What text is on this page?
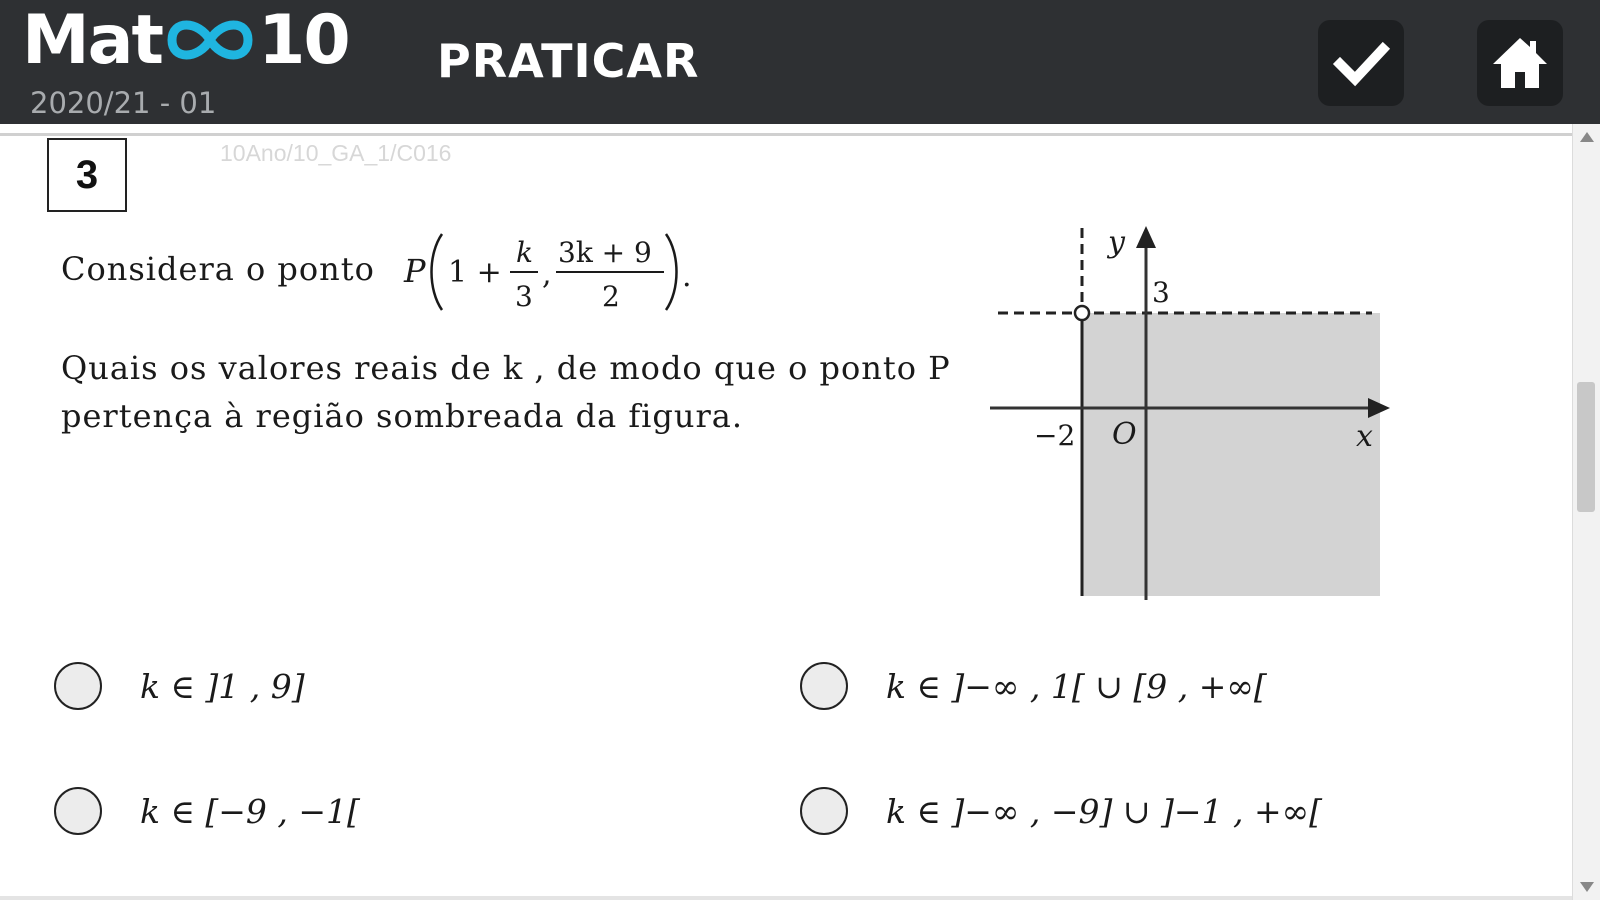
Mat 10
2020/21 - 01
PRATICAR
3	10Ano/10_GA_1/C016
Considera o ponto P 1 +
k
3
,
3k + 9
2
.
Quais os valores reais de k , de modo que o ponto P
pertença à região sombreada da figura.
y
3
−2 O	x
k ∈ ]1 , 9]	k ∈ ]−∞ , 1[ ∪ [9 , +∞[
k ∈ [−9 , −1[	k ∈ ]−∞ , −9] ∪ ]−1 , +∞[
